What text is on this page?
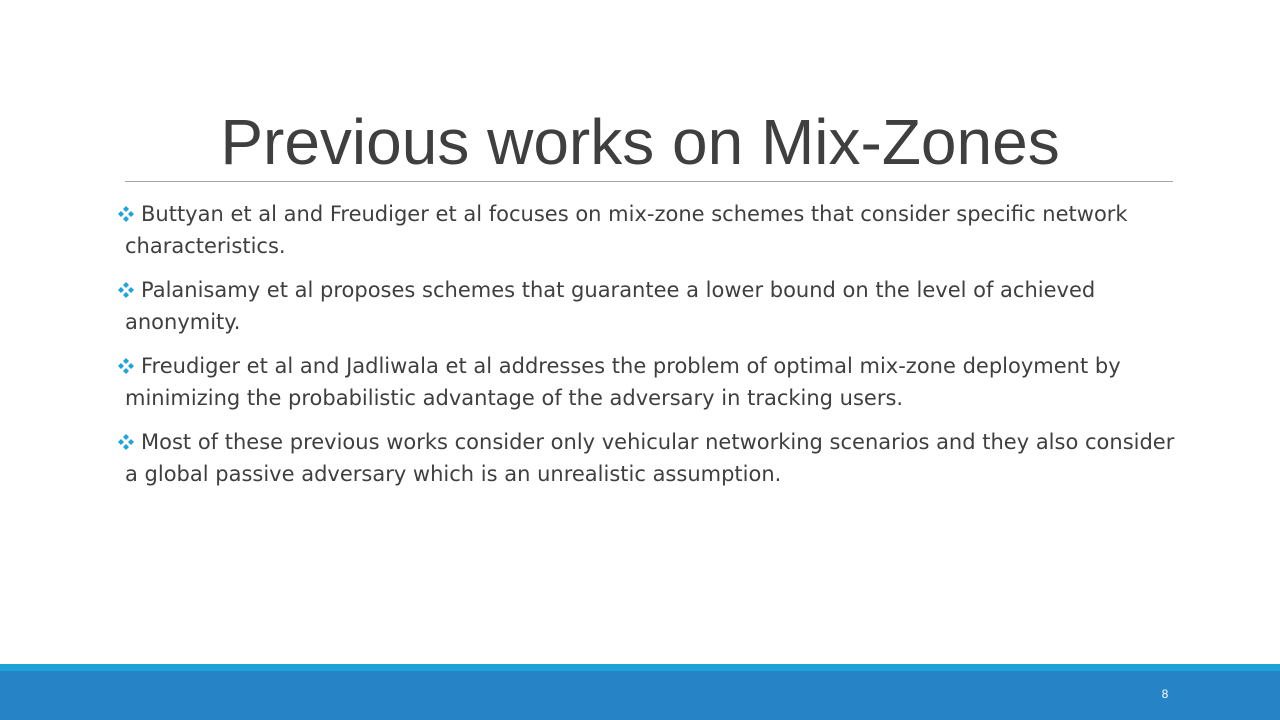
Previous works on Mix-Zones
Buttyan et al and Freudiger et al focuses on mix-zone schemes that consider specific network characteristics.
Palanisamy et al proposes schemes that guarantee a lower bound on the level of achieved anonymity.
Freudiger et al and Jadliwala et al addresses the problem of optimal mix-zone deployment by minimizing the probabilistic advantage of the adversary in tracking users.
Most of these previous works consider only vehicular networking scenarios and they also consider a global passive adversary which is an unrealistic assumption.
8
